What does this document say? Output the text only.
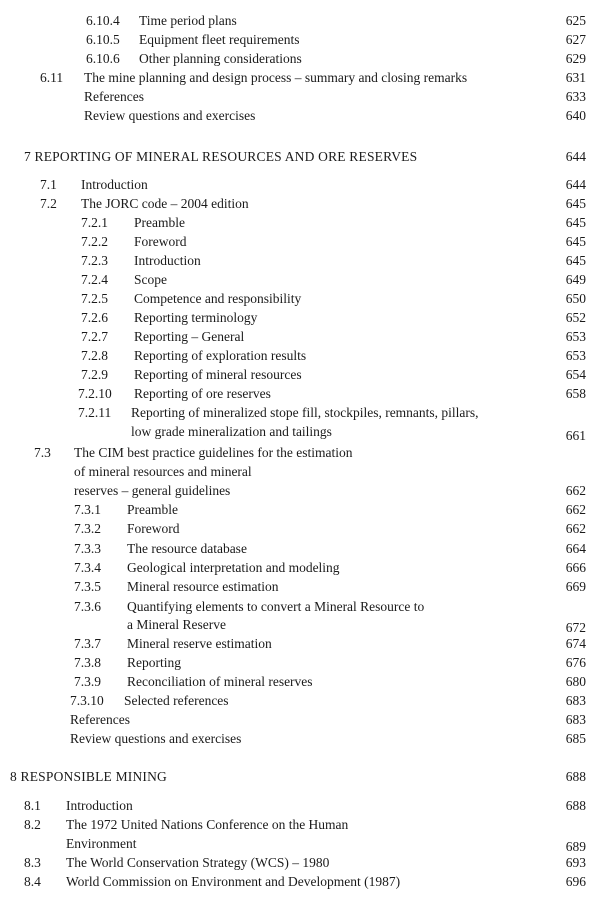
6.10.4 Time period plans	625
6.10.5 Equipment fleet requirements	627
6.10.6 Other planning considerations	629
6.11 The mine planning and design process – summary and closing remarks	631
References	633
Review questions and exercises	640
7 REPORTING OF MINERAL RESOURCES AND ORE RESERVES	644
7.1 Introduction	644
7.2 The JORC code – 2004 edition	645
7.2.1 Preamble	645
7.2.2 Foreword	645
7.2.3 Introduction	645
7.2.4 Scope	649
7.2.5 Competence and responsibility	650
7.2.6 Reporting terminology	652
7.2.7 Reporting – General	653
7.2.8 Reporting of exploration results	653
7.2.9 Reporting of mineral resources	654
7.2.10 Reporting of ore reserves	658
7.2.11 Reporting of mineralized stope fill, stockpiles, remnants, pillars,
low grade mineralization and tailings	661
7.3 The CIM best practice guidelines for the estimation
of mineral resources and mineral
reserves – general guidelines	662
7.3.1 Preamble	662
7.3.2 Foreword	662
7.3.3 The resource database	664
7.3.4 Geological interpretation and modeling	666
7.3.5 Mineral resource estimation	669
7.3.6 Quantifying elements to convert a Mineral Resource to
a Mineral Reserve	672
7.3.7 Mineral reserve estimation	674
7.3.8 Reporting	676
7.3.9 Reconciliation of mineral reserves	680
7.3.10 Selected references	683
References	683
Review questions and exercises	685
8 RESPONSIBLE MINING	688
8.1 Introduction	688
8.2 The 1972 United Nations Conference on the Human
Environment	689
8.3 The World Conservation Strategy (WCS) – 1980	693
8.4 World Commission on Environment and Development (1987)	696
